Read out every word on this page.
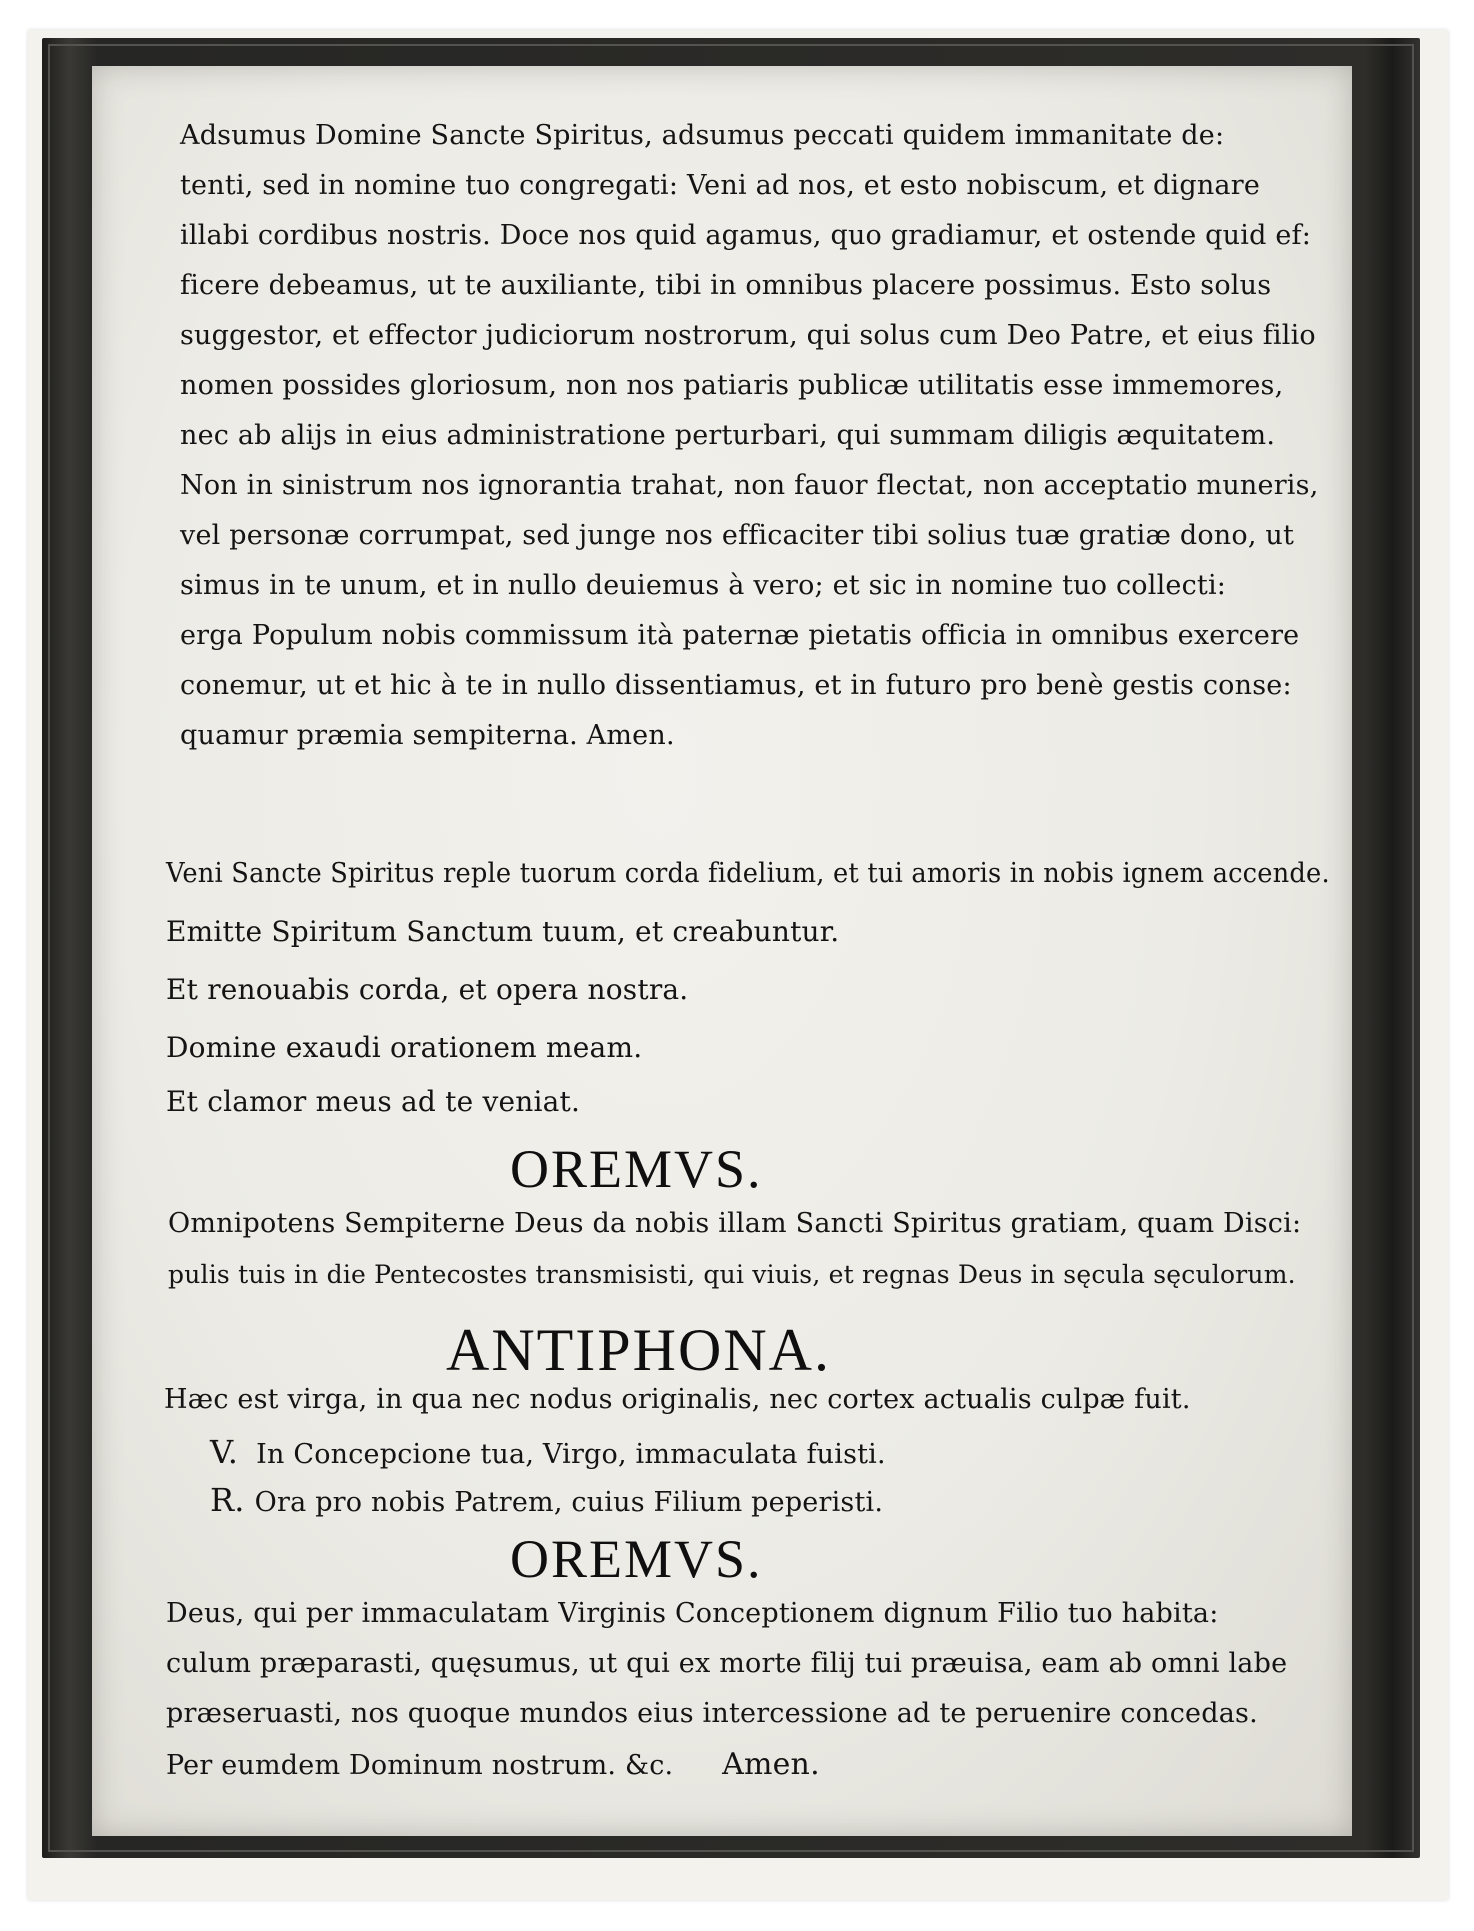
Adsumus Domine Sancte Spiritus, adsumus peccati quidem immanitate de:
tenti, sed in nomine tuo congregati: Veni ad nos, et esto nobiscum, et dignare
illabi cordibus nostris. Doce nos quid agamus, quo gradiamur, et ostende quid ef:
ficere debeamus, ut te auxiliante, tibi in omnibus placere possimus. Esto solus
suggestor, et effector judiciorum nostrorum, qui solus cum Deo Patre, et eius filio
nomen possides gloriosum, non nos patiaris publicæ utilitatis esse immemores,
nec ab alijs in eius administratione perturbari, qui summam diligis æquitatem.
Non in sinistrum nos ignorantia trahat, non fauor flectat, non acceptatio muneris,
vel personæ corrumpat, sed junge nos efficaciter tibi solius tuæ gratiæ dono, ut
simus in te unum, et in nullo deuiemus à vero; et sic in nomine tuo collecti:
erga Populum nobis commissum ità paternæ pietatis officia in omnibus exercere
conemur, ut et hic à te in nullo dissentiamus, et in futuro pro benè gestis conse:
quamur præmia sempiterna. Amen.
Veni Sancte Spiritus reple tuorum corda fidelium, et tui amoris in nobis ignem accende.
Emitte Spiritum Sanctum tuum, et creabuntur.
Et renouabis corda, et opera nostra.
Domine exaudi orationem meam.
Et clamor meus ad te veniat.
OREMVS.
Omnipotens Sempiterne Deus da nobis illam Sancti Spiritus gratiam, quam Disci:
pulis tuis in die Pentecostes transmisisti, qui viuis, et regnas Deus in sęcula sęculorum.
ANTIPHONA.
Hæc est virga, in qua nec nodus originalis, nec cortex actualis culpæ fuit.
V. In Concepcione tua, Virgo, immaculata fuisti.
R. Ora pro nobis Patrem, cuius Filium peperisti.
OREMVS.
Deus, qui per immaculatam Virginis Conceptionem dignum Filio tuo habita:
culum præparasti, quęsumus, ut qui ex morte filij tui præuisa, eam ab omni labe
præseruasti, nos quoque mundos eius intercessione ad te peruenire concedas.
Per eumdem Dominum nostrum. &c. Amen.
